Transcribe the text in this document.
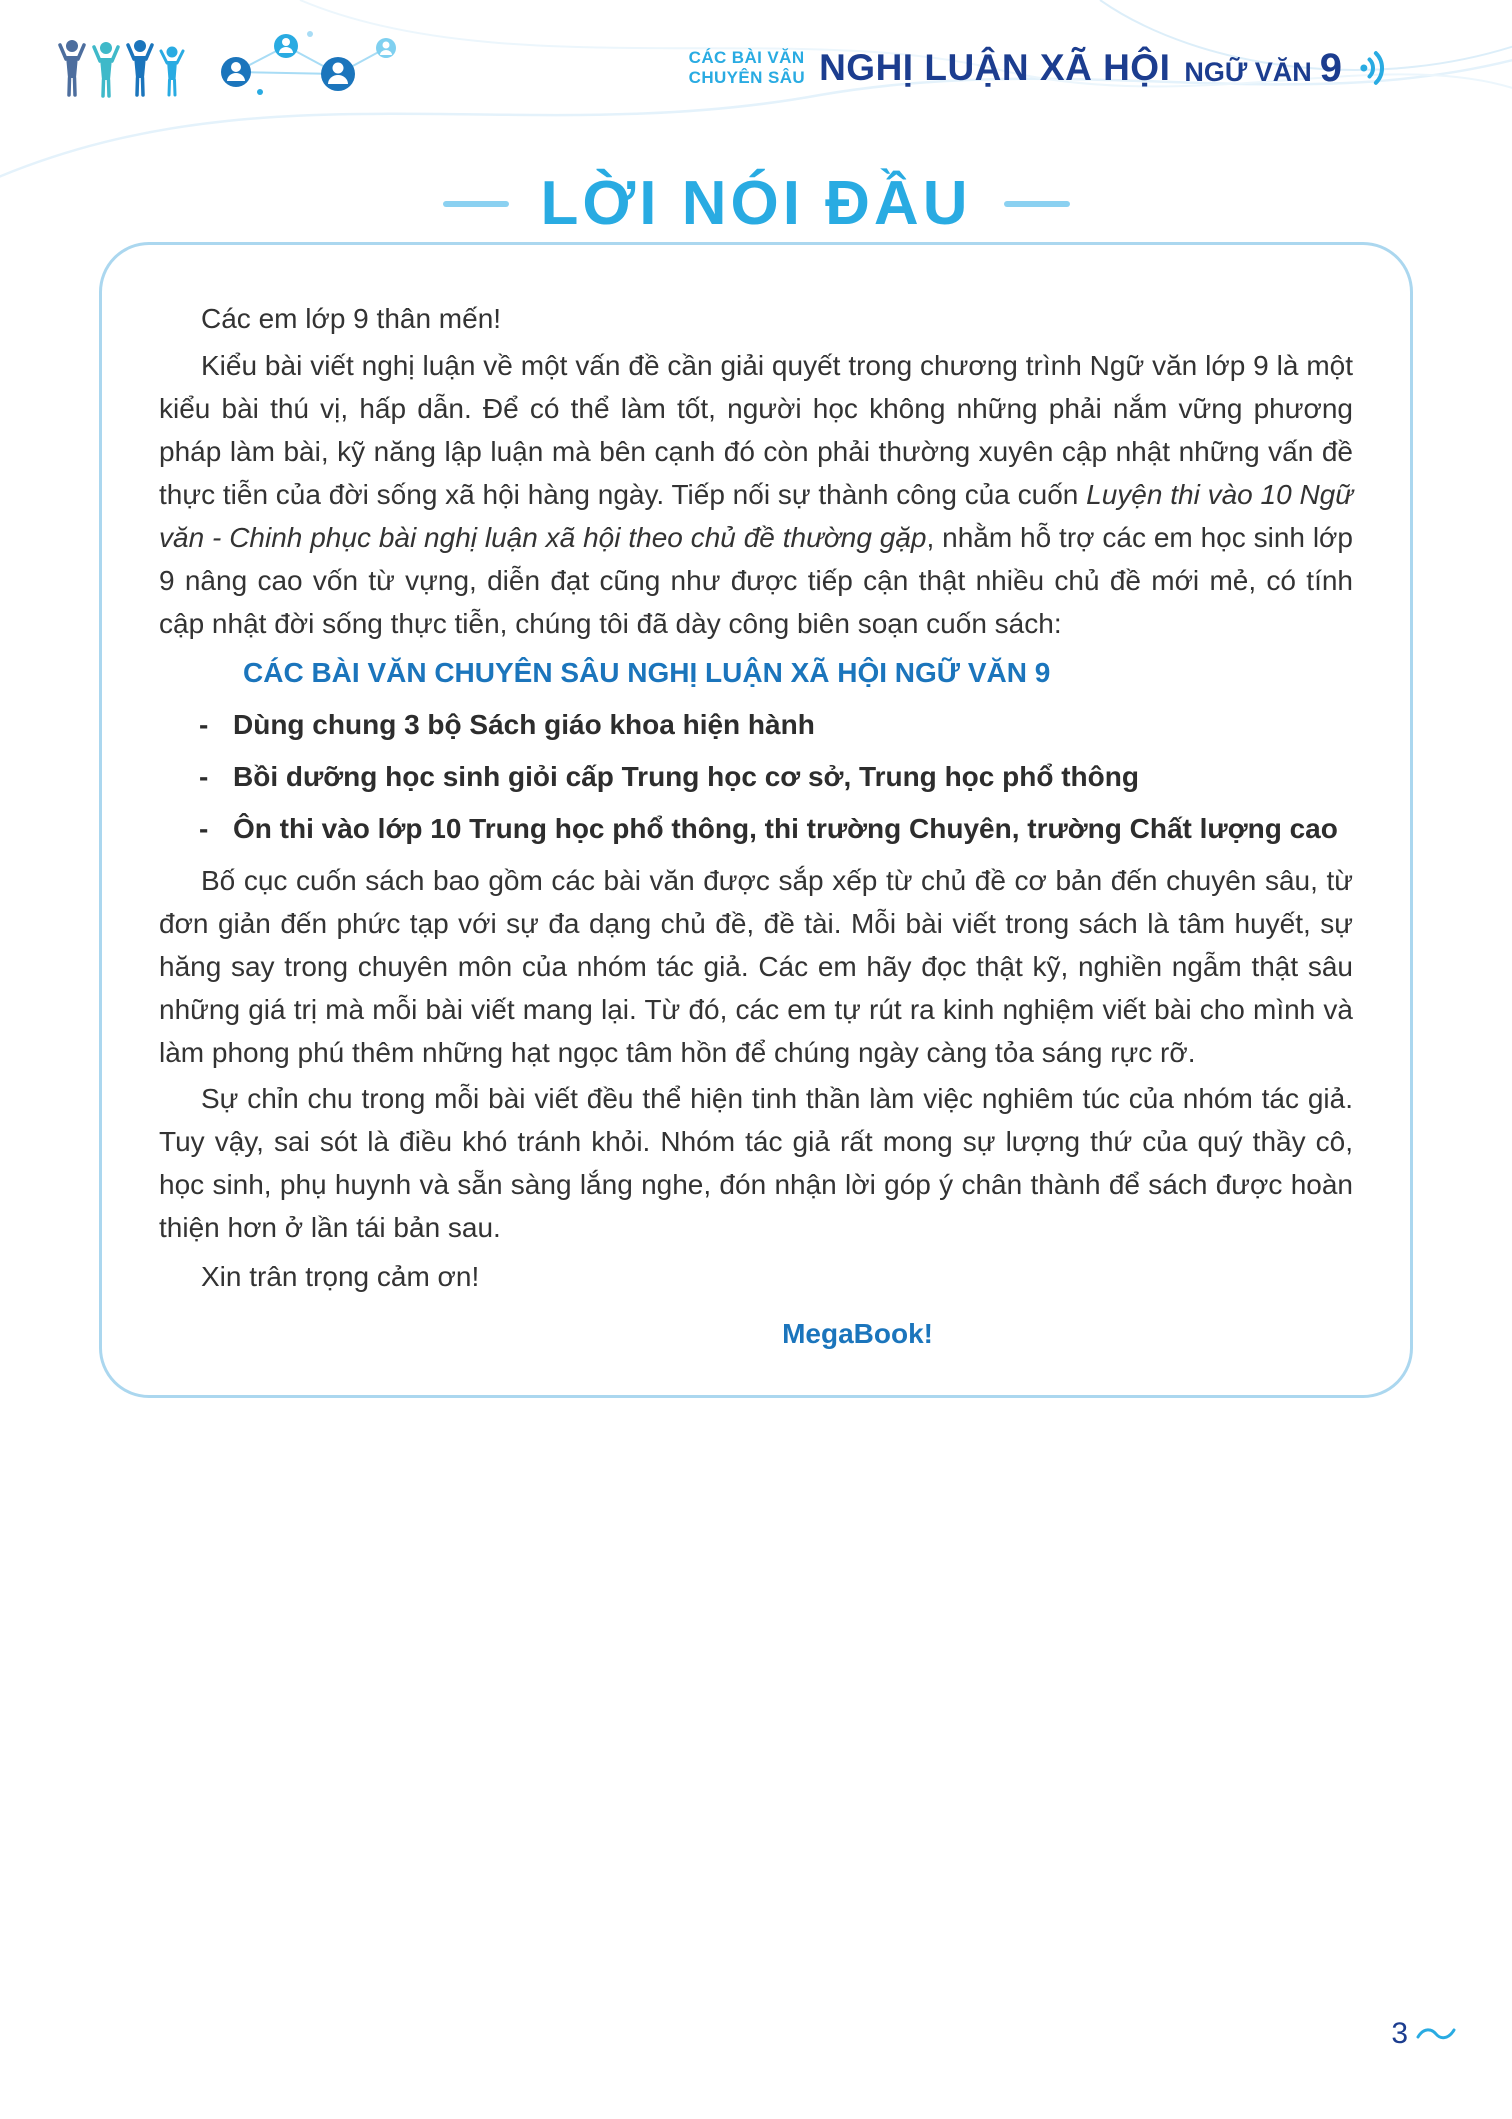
CÁC BÀI VĂN
CHUYÊN SÂU NGHỊ LUẬN XÃ HỘI NGỮ VĂN 9
LỜI NÓI ĐẦU

Các em lớp 9 thân mến!

Kiểu bài viết nghị luận về một vấn đề cần giải quyết trong chương trình Ngữ văn lớp 9 là một kiểu bài thú vị, hấp dẫn. Để có thể làm tốt, người học không những phải nắm vững phương pháp làm bài, kỹ năng lập luận mà bên cạnh đó còn phải thường xuyên cập nhật những vấn đề thực tiễn của đời sống xã hội hàng ngày. Tiếp nối sự thành công của cuốn Luyện thi vào 10 Ngữ văn - Chinh phục bài nghị luận xã hội theo chủ đề thường gặp, nhằm hỗ trợ các em học sinh lớp 9 nâng cao vốn từ vựng, diễn đạt cũng như được tiếp cận thật nhiều chủ đề mới mẻ, có tính cập nhật đời sống thực tiễn, chúng tôi đã dày công biên soạn cuốn sách:

CÁC BÀI VĂN CHUYÊN SÂU NGHỊ LUẬN XÃ HỘI NGỮ VĂN 9

- Dùng chung 3 bộ Sách giáo khoa hiện hành
- Bồi dưỡng học sinh giỏi cấp Trung học cơ sở, Trung học phổ thông
- Ôn thi vào lớp 10 Trung học phổ thông, thi trường Chuyên, trường Chất lượng cao

Bố cục cuốn sách bao gồm các bài văn được sắp xếp từ chủ đề cơ bản đến chuyên sâu, từ đơn giản đến phức tạp với sự đa dạng chủ đề, đề tài. Mỗi bài viết trong sách là tâm huyết, sự hăng say trong chuyên môn của nhóm tác giả. Các em hãy đọc thật kỹ, nghiền ngẫm thật sâu những giá trị mà mỗi bài viết mang lại. Từ đó, các em tự rút ra kinh nghiệm viết bài cho mình và làm phong phú thêm những hạt ngọc tâm hồn để chúng ngày càng tỏa sáng rực rỡ.

Sự chỉn chu trong mỗi bài viết đều thể hiện tinh thần làm việc nghiêm túc của nhóm tác giả. Tuy vậy, sai sót là điều khó tránh khỏi. Nhóm tác giả rất mong sự lượng thứ của quý thầy cô, học sinh, phụ huynh và sẵn sàng lắng nghe, đón nhận lời góp ý chân thành để sách được hoàn thiện hơn ở lần tái bản sau.

Xin trân trọng cảm ơn!

MegaBook!

3
